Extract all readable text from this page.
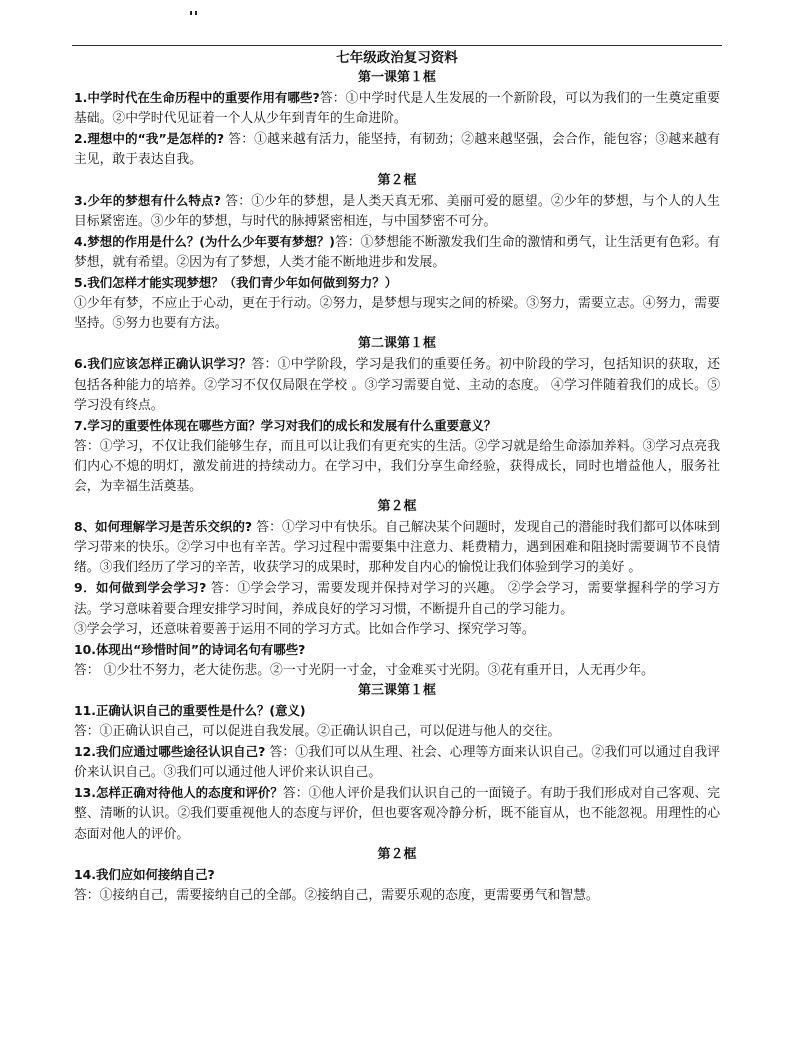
七年级政治复习资料

第一课第１框

1.中学时代在生命历程中的重要作用有哪些?答：①中学时代是人生发展的一个新阶段，可以为我们的一生奠定重要基础。②中学时代见证着一个人从少年到青年的生命进阶。

2.理想中的“我”是怎样的? 答：①越来越有活力，能坚持，有韧劲；②越来越坚强，会合作，能包容；③越来越有主见，敢于表达自我。

第２框

3.少年的梦想有什么特点? 答：①少年的梦想，是人类天真无邪、美丽可爱的愿望。②少年的梦想，与个人的人生目标紧密连。③少年的梦想，与时代的脉搏紧密相连，与中国梦密不可分。

4.梦想的作用是什么？(为什么少年要有梦想？)答：①梦想能不断激发我们生命的激情和勇气，让生活更有色彩。有梦想，就有希望。②因为有了梦想，人类才能不断地进步和发展。

5.我们怎样才能实现梦想？（我们青少年如何做到努力？）

①少年有梦，不应止于心动，更在于行动。②努力，是梦想与现实之间的桥梁。③努力，需要立志。④努力，需要坚持。⑤努力也要有方法。

第二课第１框

6.我们应该怎样正确认识学习？答：①中学阶段，学习是我们的重要任务。初中阶段的学习，包括知识的获取，还包括各种能力的培养。②学习不仅仅局限在学校 。③学习需要自觉、主动的态度。 ④学习伴随着我们的成长。⑤学习没有终点。

7.学习的重要性体现在哪些方面？学习对我们的成长和发展有什么重要意义？

答：①学习，不仅让我们能够生存，而且可以让我们有更充实的生活。②学习就是给生命添加养料。③学习点亮我们内心不熄的明灯，激发前进的持续动力。在学习中，我们分享生命经验，获得成长，同时也增益他人，服务社会，为幸福生活奠基。

第２框

8、如何理解学习是苦乐交织的? 答：①学习中有快乐。自己解决某个问题时，发现自己的潜能时我们都可以体味到学习带来的快乐。②学习中也有辛苦。学习过程中需要集中注意力、耗费精力，遇到困难和阻挠时需要调节不良情绪。③我们经历了学习的辛苦，收获学习的成果时，那种发自内心的愉悦让我们体验到学习的美好 。

9．如何做到学会学习? 答：①学会学习，需要发现并保持对学习的兴趣。 ②学会学习，需要掌握科学的学习方法。学习意味着要合理安排学习时间，养成良好的学习习惯，不断提升自己的学习能力。

③学会学习，还意味着要善于运用不同的学习方式。比如合作学习、探究学习等。

10.体现出“珍惜时间”的诗词名句有哪些?

答： ①少壮不努力，老大徒伤悲。②一寸光阴一寸金，寸金难买寸光阴。③花有重开日，人无再少年。

第三课第１框

11.正确认识自己的重要性是什么？(意义)

答：①正确认识自己，可以促进自我发展。②正确认识自己，可以促进与他人的交往。

12.我们应通过哪些途径认识自己? 答：①我们可以从生理、社会、心理等方面来认识自己。②我们可以通过自我评价来认识自己。③我们可以通过他人评价来认识自己。

13.怎样正确对待他人的态度和评价？答：①他人评价是我们认识自己的一面镜子。有助于我们形成对自己客观、完整、清晰的认识。②我们要重视他人的态度与评价，但也要客观冷静分析，既不能盲从，也不能忽视。用理性的心态面对他人的评价。

第２框

14.我们应如何接纳自己?

答：①接纳自己，需要接纳自己的全部。②接纳自己，需要乐观的态度，更需要勇气和智慧。
